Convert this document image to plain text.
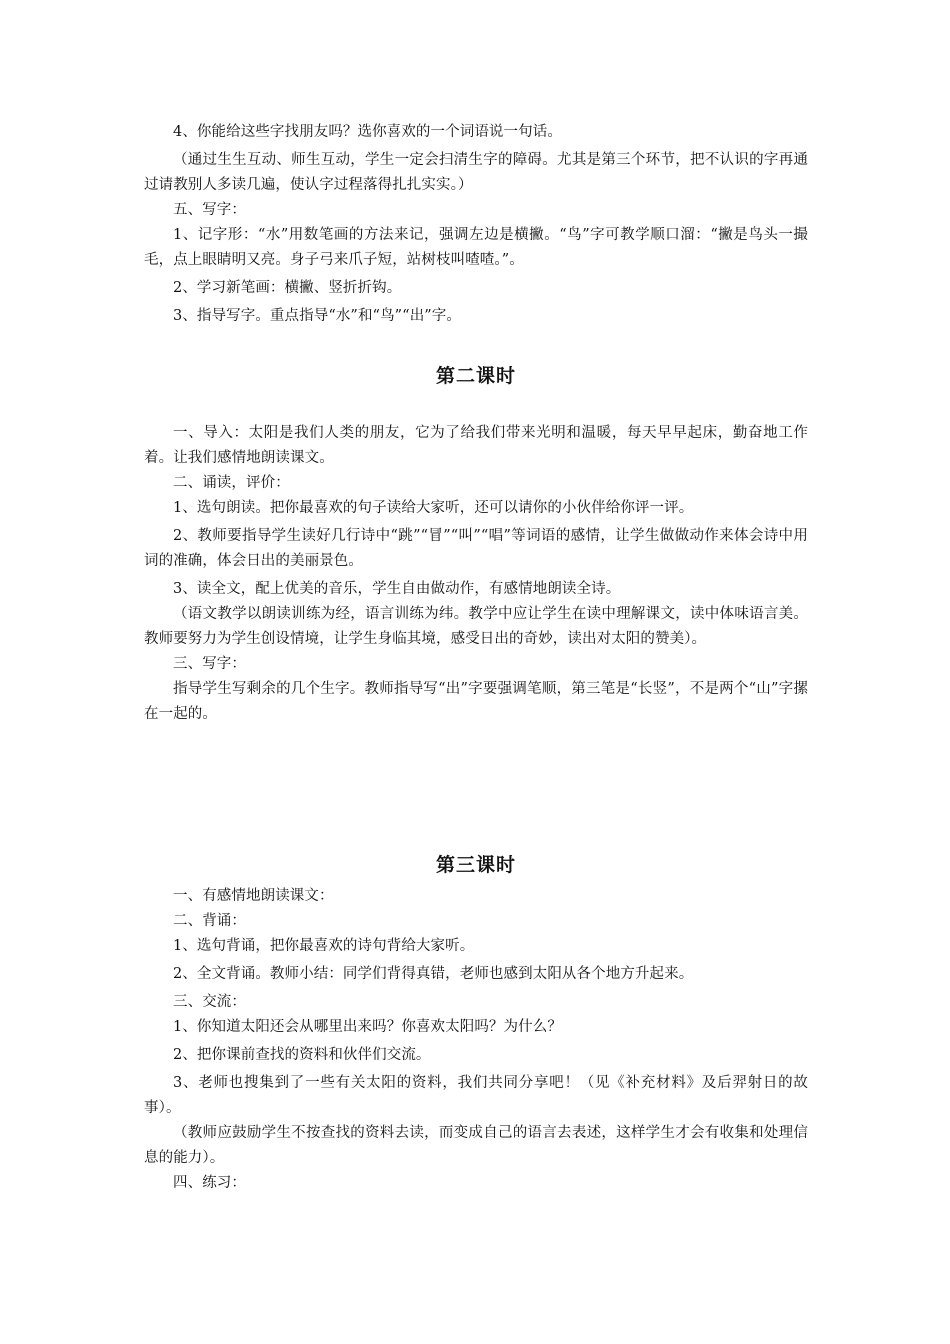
4、你能给这些字找朋友吗？选你喜欢的一个词语说一句话。

（通过生生互动、师生互动，学生一定会扫清生字的障碍。尤其是第三个环节，把不认识的字再通过请教别人多读几遍，使认字过程落得扎扎实实。）

五、写字：

1、记字形：“水”用数笔画的方法来记，强调左边是横撇。“鸟”字可教学顺口溜：“撇是鸟头一撮毛，点上眼睛明又亮。身子弓来爪子短，站树枝叫喳喳。”。

2、学习新笔画：横撇、竖折折钩。

3、指导写字。重点指导“水”和“鸟”“出”字。

第二课时

一、导入：太阳是我们人类的朋友，它为了给我们带来光明和温暖，每天早早起床，勤奋地工作着。让我们感情地朗读课文。

二、诵读，评价：

1、选句朗读。把你最喜欢的句子读给大家听，还可以请你的小伙伴给你评一评。

2、教师要指导学生读好几行诗中“跳”“冒”“叫”“唱”等词语的感情，让学生做做动作来体会诗中用词的准确，体会日出的美丽景色。

3、读全文，配上优美的音乐，学生自由做动作，有感情地朗读全诗。

（语文教学以朗读训练为经，语言训练为纬。教学中应让学生在读中理解课文，读中体味语言美。教师要努力为学生创设情境，让学生身临其境，感受日出的奇妙，读出对太阳的赞美）。

三、写字：

指导学生写剩余的几个生字。教师指导写“出”字要强调笔顺，第三笔是“长竖”，不是两个“山”字摞在一起的。

第三课时

一、有感情地朗读课文：

二、背诵：

1、选句背诵，把你最喜欢的诗句背给大家听。

2、全文背诵。教师小结：同学们背得真错，老师也感到太阳从各个地方升起来。

三、交流：

1、你知道太阳还会从哪里出来吗？你喜欢太阳吗？为什么？

2、把你课前查找的资料和伙伴们交流。

3、老师也搜集到了一些有关太阳的资料，我们共同分享吧！（见《补充材料》及后羿射日的故事）。

（教师应鼓励学生不按查找的资料去读，而变成自己的语言去表述，这样学生才会有收集和处理信息的能力）。

四、练习：
